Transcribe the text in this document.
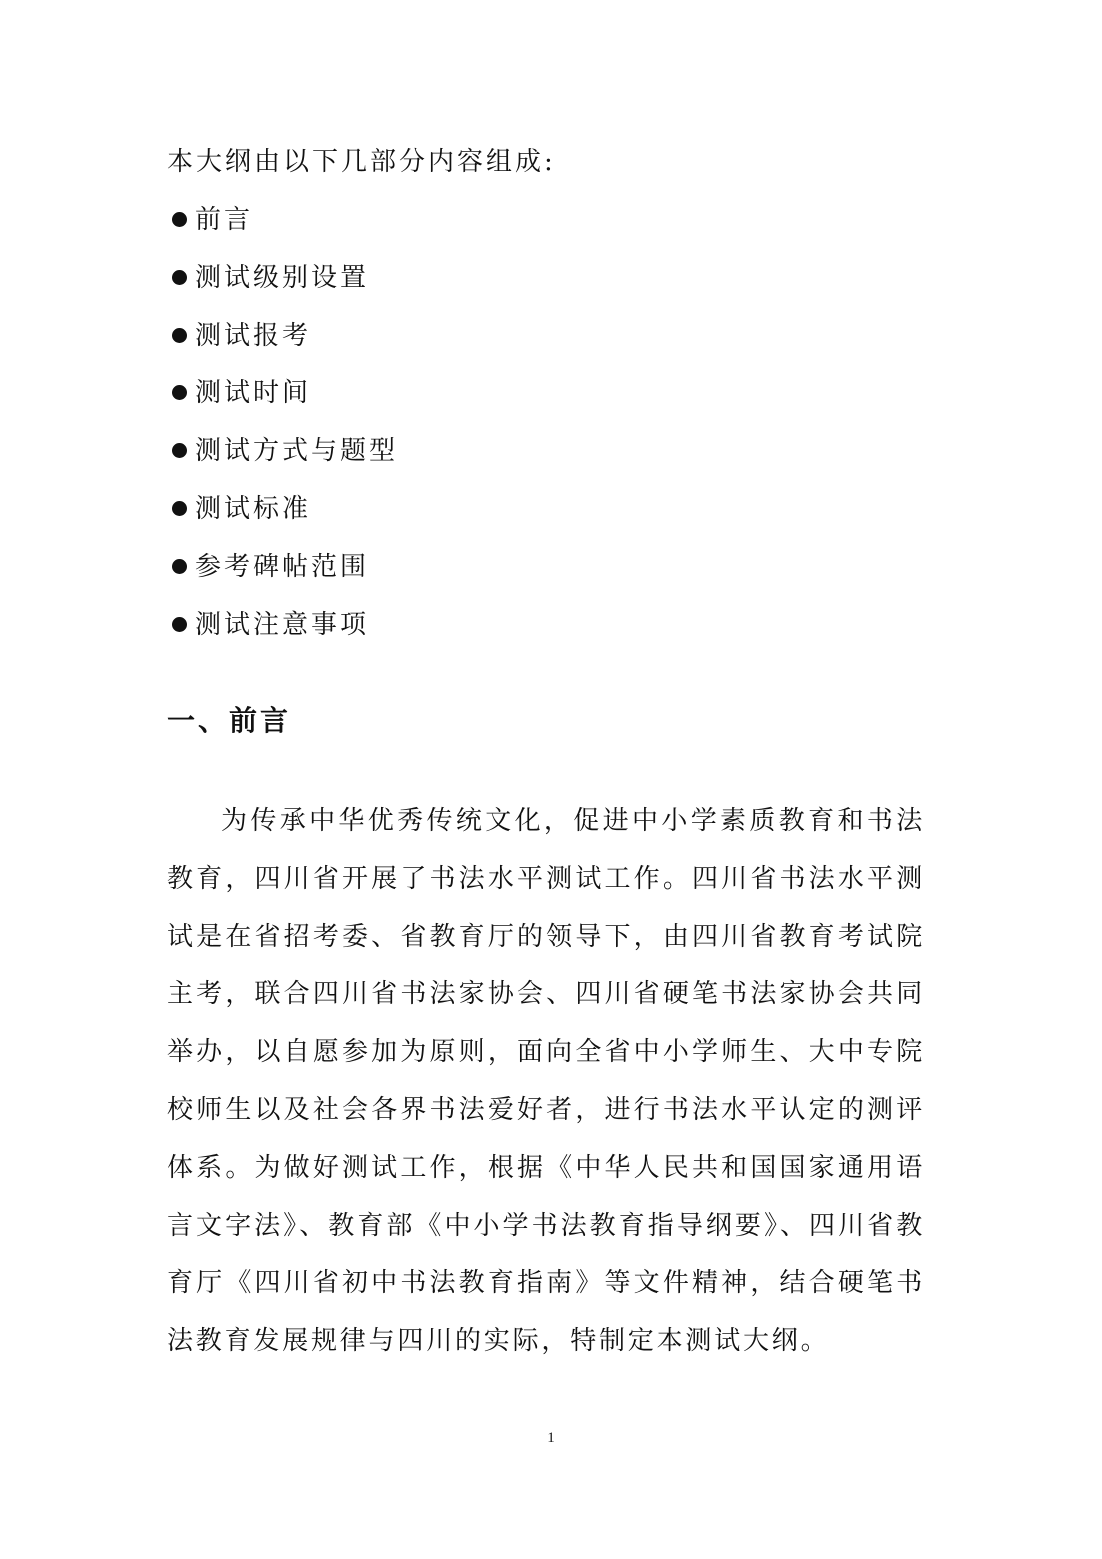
本大纲由以下几部分内容组成:

前言
测试级别设置
测试报考
测试时间
测试方式与题型
测试标准
参考碑帖范围
测试注意事项
一、前言

为传承中华优秀传统文化，促进中小学素质教育和书法教育，四川省开展了书法水平测试工作。四川省书法水平测试是在省招考委、省教育厅的领导下，由四川省教育考试院主考，联合四川省书法家协会、四川省硬笔书法家协会共同举办，以自愿参加为原则，面向全省中小学师生、大中专院校师生以及社会各界书法爱好者，进行书法水平认定的测评体系。为做好测试工作，根据《中华人民共和国国家通用语言文字法》、教育部《中小学书法教育指导纲要》、四川省教育厅《四川省初中书法教育指南》等文件精神，结合硬笔书法教育发展规律与四川的实际，特制定本测试大纲。

1
